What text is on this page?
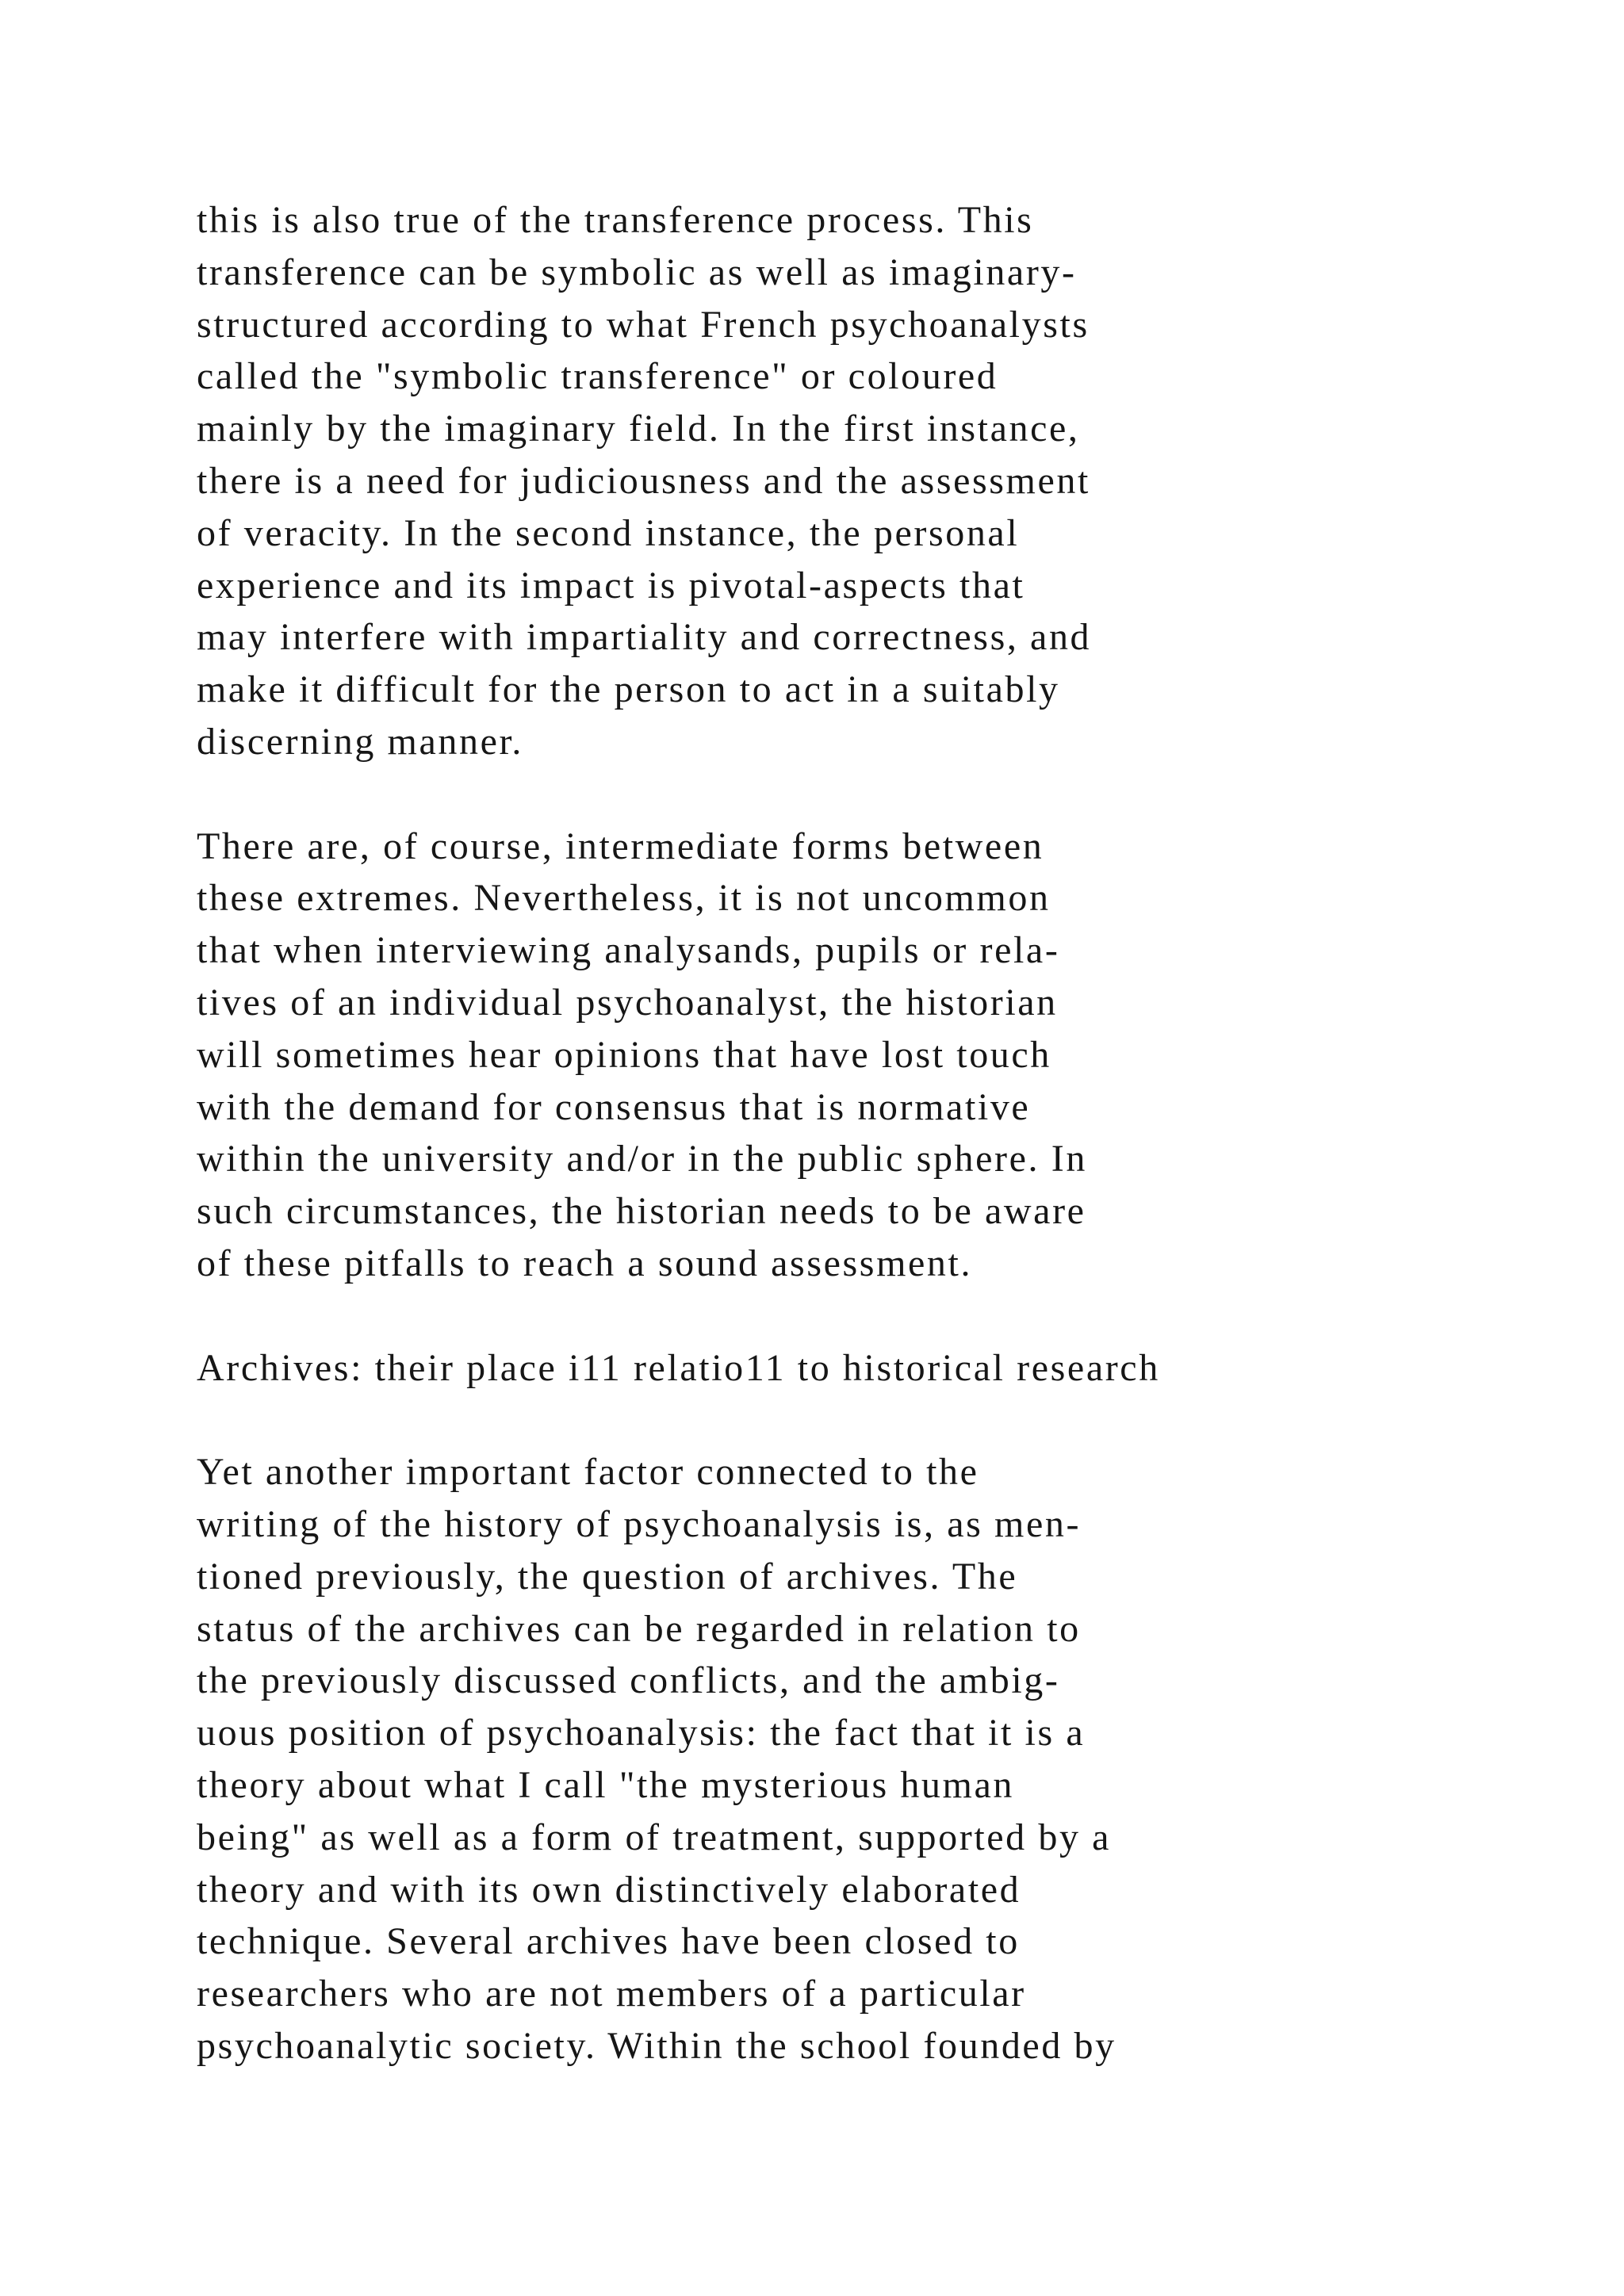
this is also true of the transference process. This
transference can be symbolic as well as imaginary-
structured according to what French psychoanalysts
called the "symbolic transference" or coloured
mainly by the imaginary field. In the first instance,
there is a need for judiciousness and the assessment
of veracity. In the second instance, the personal
experience and its impact is pivotal-aspects that
may interfere with impartiality and correctness, and
make it difficult for the person to act in a suitably
discerning manner.
There are, of course, intermediate forms between
these extremes. Nevertheless, it is not uncommon
that when interviewing analysands, pupils or rela-
tives of an individual psychoanalyst, the historian
will sometimes hear opinions that have lost touch
with the demand for consensus that is normative
within the university and/or in the public sphere. In
such circumstances, the historian needs to be aware
of these pitfalls to reach a sound assessment.
Archives: their place i11 relatio11 to historical research
Yet another important factor connected to the
writing of the history of psychoanalysis is, as men-
tioned previously, the question of archives. The
status of the archives can be regarded in relation to
the previously discussed conflicts, and the ambig-
uous position of psychoanalysis: the fact that it is a
theory about what I call "the mysterious human
being" as well as a form of treatment, supported by a
theory and with its own distinctively elaborated
technique. Several archives have been closed to
researchers who are not members of a particular
psychoanalytic society. Within the school founded by
